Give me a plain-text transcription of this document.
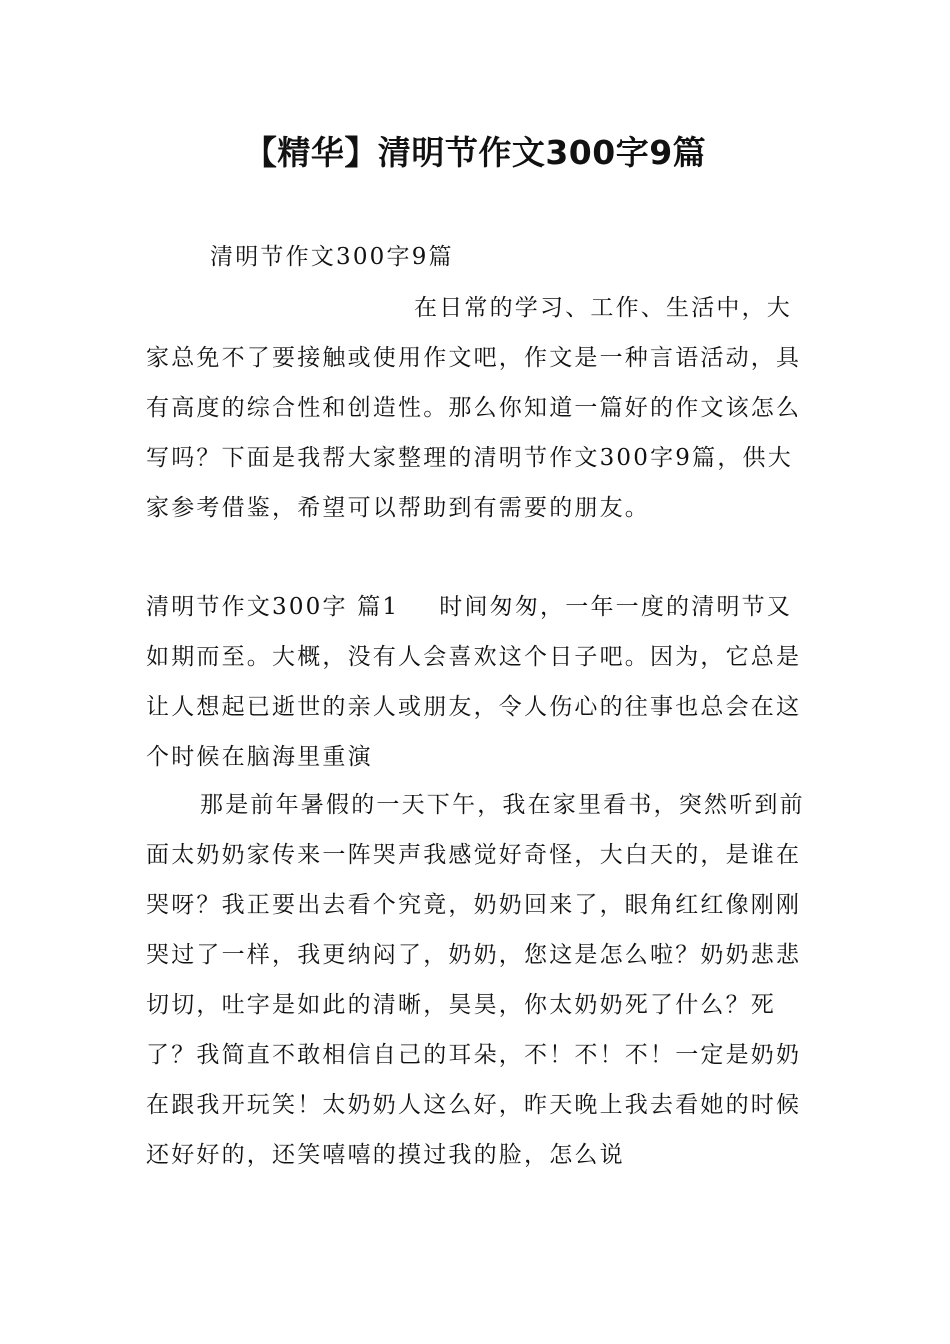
【精华】清明节作文300字9篇

清明节作文300字9篇

在日常的学习、工作、生活中，大家总免不了要接触或使用作文吧，作文是一种言语活动，具有高度的综合性和创造性。那么你知道一篇好的作文该怎么写吗？下面是我帮大家整理的清明节作文300字9篇，供大家参考借鉴，希望可以帮助到有需要的朋友。

清明节作文300字 篇1 时间匆匆，一年一度的清明节又如期而至。大概，没有人会喜欢这个日子吧。因为，它总是让人想起已逝世的亲人或朋友，令人伤心的往事也总会在这个时候在脑海里重演

那是前年暑假的一天下午，我在家里看书，突然听到前面太奶奶家传来一阵哭声我感觉好奇怪，大白天的，是谁在哭呀？我正要出去看个究竟，奶奶回来了，眼角红红像刚刚哭过了一样，我更纳闷了，奶奶，您这是怎么啦？奶奶悲悲切切，吐字是如此的清晰，昊昊，你太奶奶死了什么？死了？我简直不敢相信自己的耳朵，不！不！不！一定是奶奶在跟我开玩笑！太奶奶人这么好，昨天晚上我去看她的时候还好好的，还笑嘻嘻的摸过我的脸，怎么说
